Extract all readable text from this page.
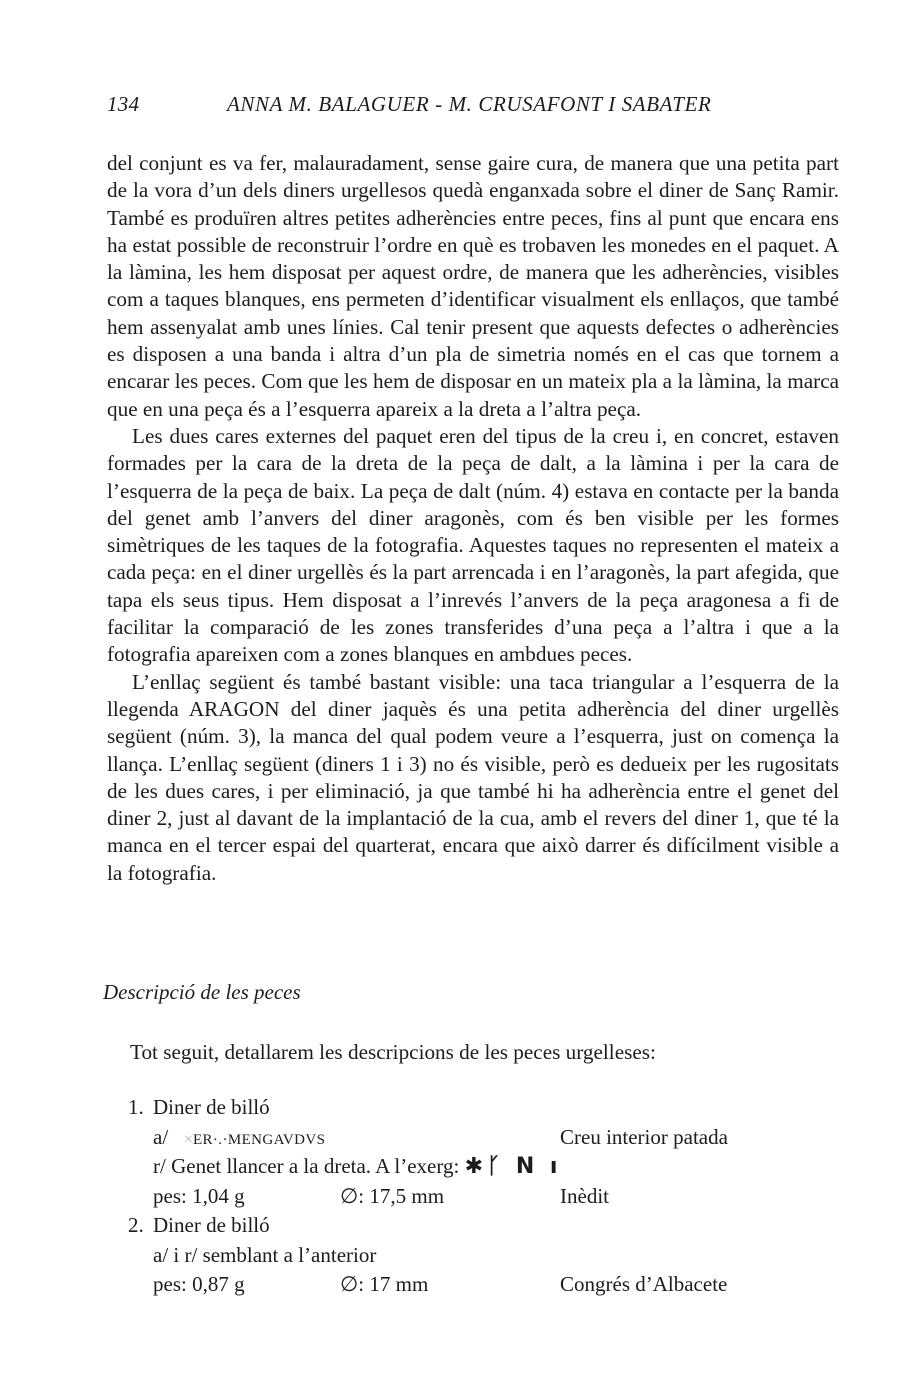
134	ANNA M. BALAGUER - M. CRUSAFONT I SABATER

del conjunt es va fer, malauradament, sense gaire cura, de manera que una petita part de la vora d’un dels diners urgellesos quedà enganxada sobre el diner de Sanç Ramir. També es produïren altres petites adherències entre peces, fins al punt que encara ens ha estat possible de reconstruir l’ordre en què es trobaven les monedes en el paquet. A la làmina, les hem disposat per aquest ordre, de manera que les adherències, visibles com a taques blanques, ens permeten d’identificar visualment els enllaços, que també hem assenyalat amb unes línies. Cal tenir present que aquests defectes o adherències es disposen a una banda i altra d’un pla de simetria només en el cas que tornem a encarar les peces. Com que les hem de disposar en un mateix pla a la làmina, la marca que en una peça és a l’esquerra apareix a la dreta a l’altra peça.

Les dues cares externes del paquet eren del tipus de la creu i, en concret, estaven formades per la cara de la dreta de la peça de dalt, a la làmina i per la cara de l’esquerra de la peça de baix. La peça de dalt (núm. 4) estava en contacte per la banda del genet amb l’anvers del diner aragonès, com és ben visible per les formes simètriques de les taques de la fotografia. Aquestes taques no representen el mateix a cada peça: en el diner urgellès és la part arrencada i en l’aragonès, la part afegida, que tapa els seus tipus. Hem disposat a l’inrevés l’anvers de la peça aragonesa a fi de facilitar la comparació de les zones transferides d’una peça a l’altra i que a la fotografia apareixen com a zones blanques en ambdues peces.

L’enllaç següent és també bastant visible: una taca triangular a l’esquerra de la llegenda ARAGON del diner jaquès és una petita adherència del diner urgellès següent (núm. 3), la manca del qual podem veure a l’esquerra, just on comença la llança. L’enllaç següent (diners 1 i 3) no és visible, però es dedueix per les rugositats de les dues cares, i per eliminació, ja que també hi ha adherència entre el genet del diner 2, just al davant de la implantació de la cua, amb el revers del diner 1, que té la manca en el tercer espai del quarterat, encara que això darrer és difícilment visible a la fotografia.

Descripció de les peces
Tot seguit, detallarem les descripcions de les peces urgelleses:
1. Diner de billó
a/ ×ER·.·MENGAVDVS	Creu interior patada
r/ Genet llancer a la dreta. A l’exerg: ✱ᚴ N ı
pes: 1,04 g	∅: 17,5 mm	Inèdit
2. Diner de billó
a/ i r/ semblant a l’anterior
pes: 0,87 g	∅: 17 mm	Congrés d’Albacete
